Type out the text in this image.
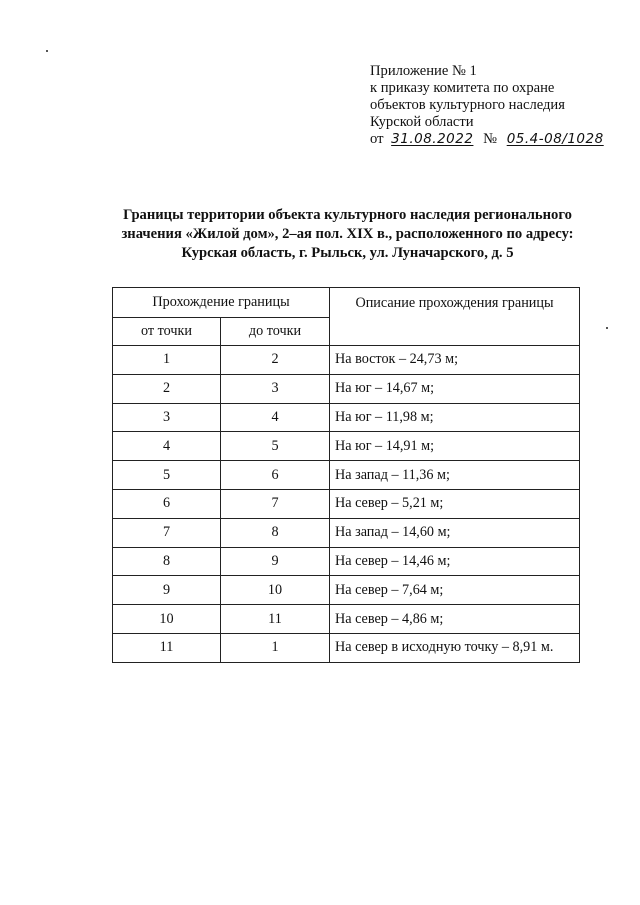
Приложение № 1
к приказу комитета по охране
объектов культурного наследия
Курской области
от 31.08.2022 № 05.4-08/1028
Границы территории объекта культурного наследия регионального
значения «Жилой дом», 2–ая пол. XIX в., расположенного по адресу:
Курская область, г. Рыльск, ул. Луначарского, д. 5
Прохождение границы		Описание прохождения границы
от точки	до точки	
1	2	На восток – 24,73 м;
2	3	На юг – 14,67 м;
3	4	На юг – 11,98 м;
4	5	На юг – 14,91 м;
5	6	На запад – 11,36 м;
6	7	На север – 5,21 м;
7	8	На запад – 14,60 м;
8	9	На север – 14,46 м;
9	10	На север – 7,64 м;
10	11	На север – 4,86 м;
11	1	На север в исходную точку – 8,91 м.
